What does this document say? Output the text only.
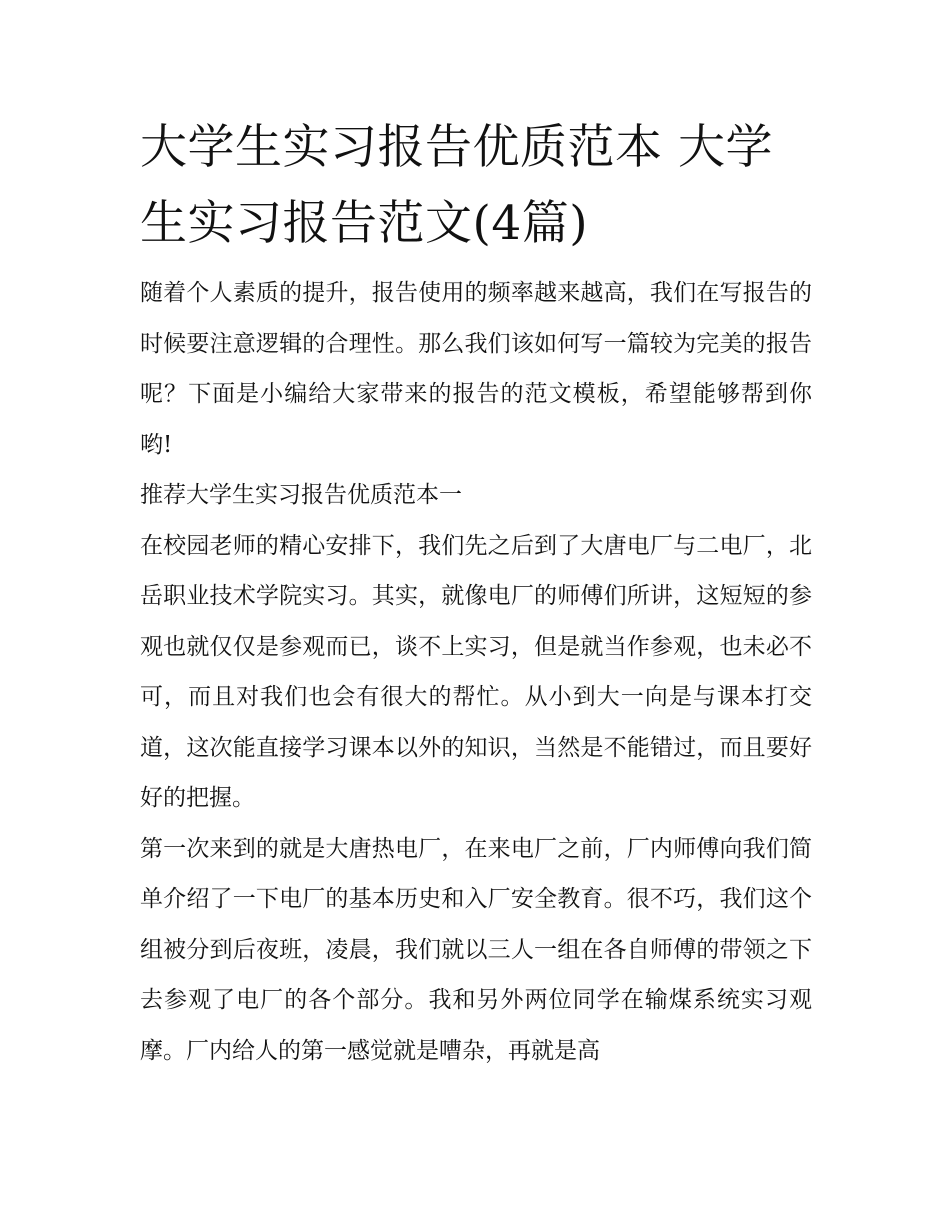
大学生实习报告优质范本 大学生实习报告范文(4篇)

随着个人素质的提升，报告使用的频率越来越高，我们在写报告的时候要注意逻辑的合理性。那么我们该如何写一篇较为完美的报告呢？下面是小编给大家带来的报告的范文模板，希望能够帮到你哟!

推荐大学生实习报告优质范本一

在校园老师的精心安排下，我们先之后到了大唐电厂与二电厂，北岳职业技术学院实习。其实，就像电厂的师傅们所讲，这短短的参观也就仅仅是参观而已，谈不上实习，但是就当作参观，也未必不可，而且对我们也会有很大的帮忙。从小到大一向是与课本打交道，这次能直接学习课本以外的知识，当然是不能错过，而且要好好的把握。

第一次来到的就是大唐热电厂，在来电厂之前，厂内师傅向我们简单介绍了一下电厂的基本历史和入厂安全教育。很不巧，我们这个组被分到后夜班，凌晨，我们就以三人一组在各自师傅的带领之下去参观了电厂的各个部分。我和另外两位同学在输煤系统实习观摩。厂内给人的第一感觉就是嘈杂，再就是高
